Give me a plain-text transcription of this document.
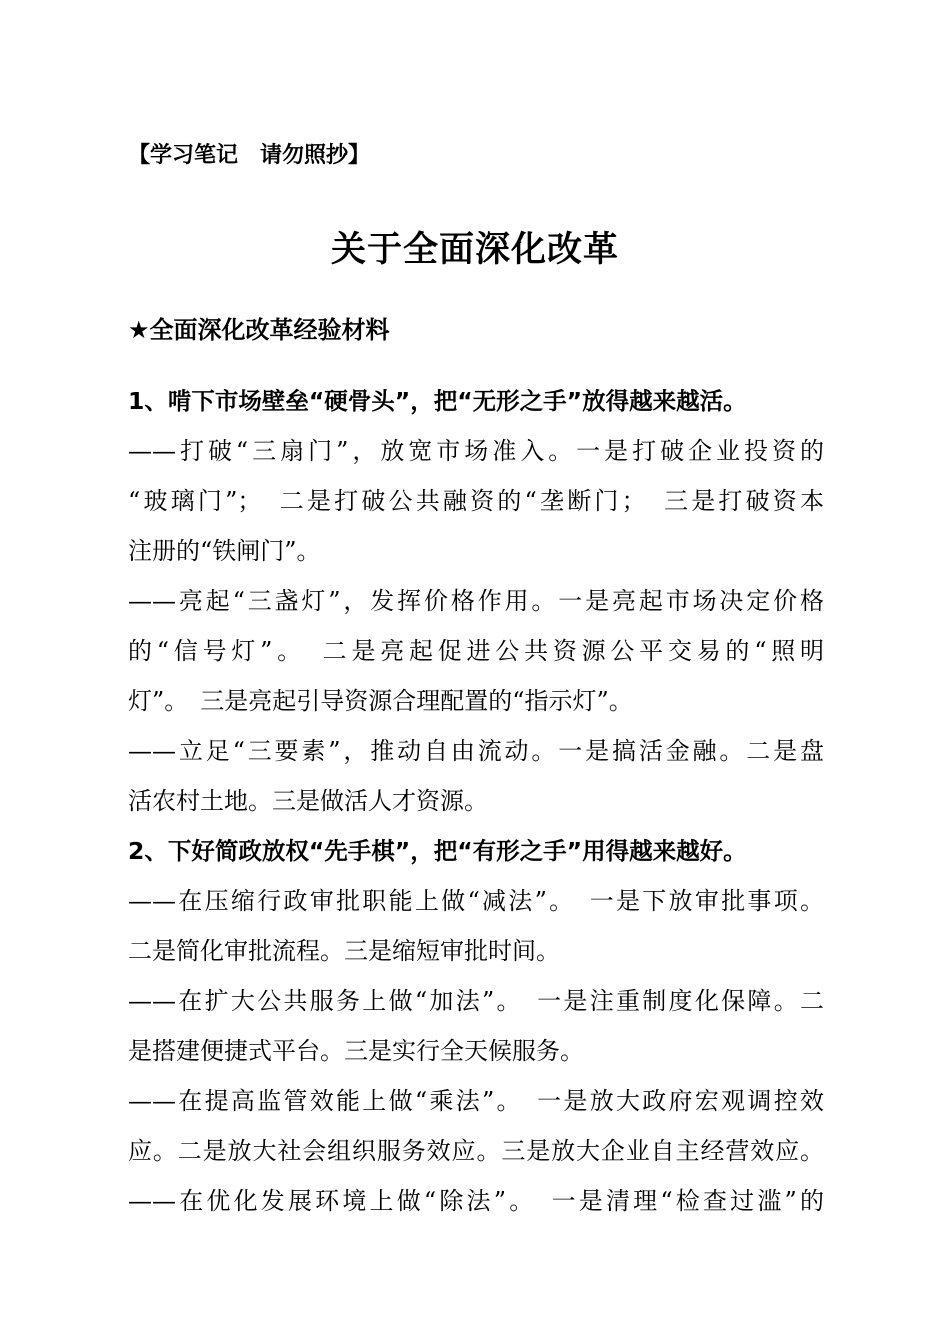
【学习笔记　请勿照抄】
关于全面深化改革
★全面深化改革经验材料
1、啃下市场壁垒“硬骨头”，把“无形之手”放得越来越活。
——打破“三扇门”，放宽市场准入。一是打破企业投资的
“玻璃门”；　二是打破公共融资的“垄断门；　三是打破资本
注册的“铁闸门”。
——亮起“三盏灯”，发挥价格作用。一是亮起市场决定价格
的“信号灯”。　二是亮起促进公共资源公平交易的“照明
灯”。　三是亮起引导资源合理配置的“指示灯”。
——立足“三要素”，推动自由流动。一是搞活金融。二是盘
活农村土地。三是做活人才资源。
2、下好简政放权“先手棋”，把“有形之手”用得越来越好。
——在压缩行政审批职能上做“减法”。　一是下放审批事项。
二是简化审批流程。三是缩短审批时间。
——在扩大公共服务上做“加法”。　一是注重制度化保障。二
是搭建便捷式平台。三是实行全天候服务。
——在提高监管效能上做“乘法”。　一是放大政府宏观调控效
应。二是放大社会组织服务效应。三是放大企业自主经营效应。
——在优化发展环境上做“除法”。　一是清理“检查过滥”的
